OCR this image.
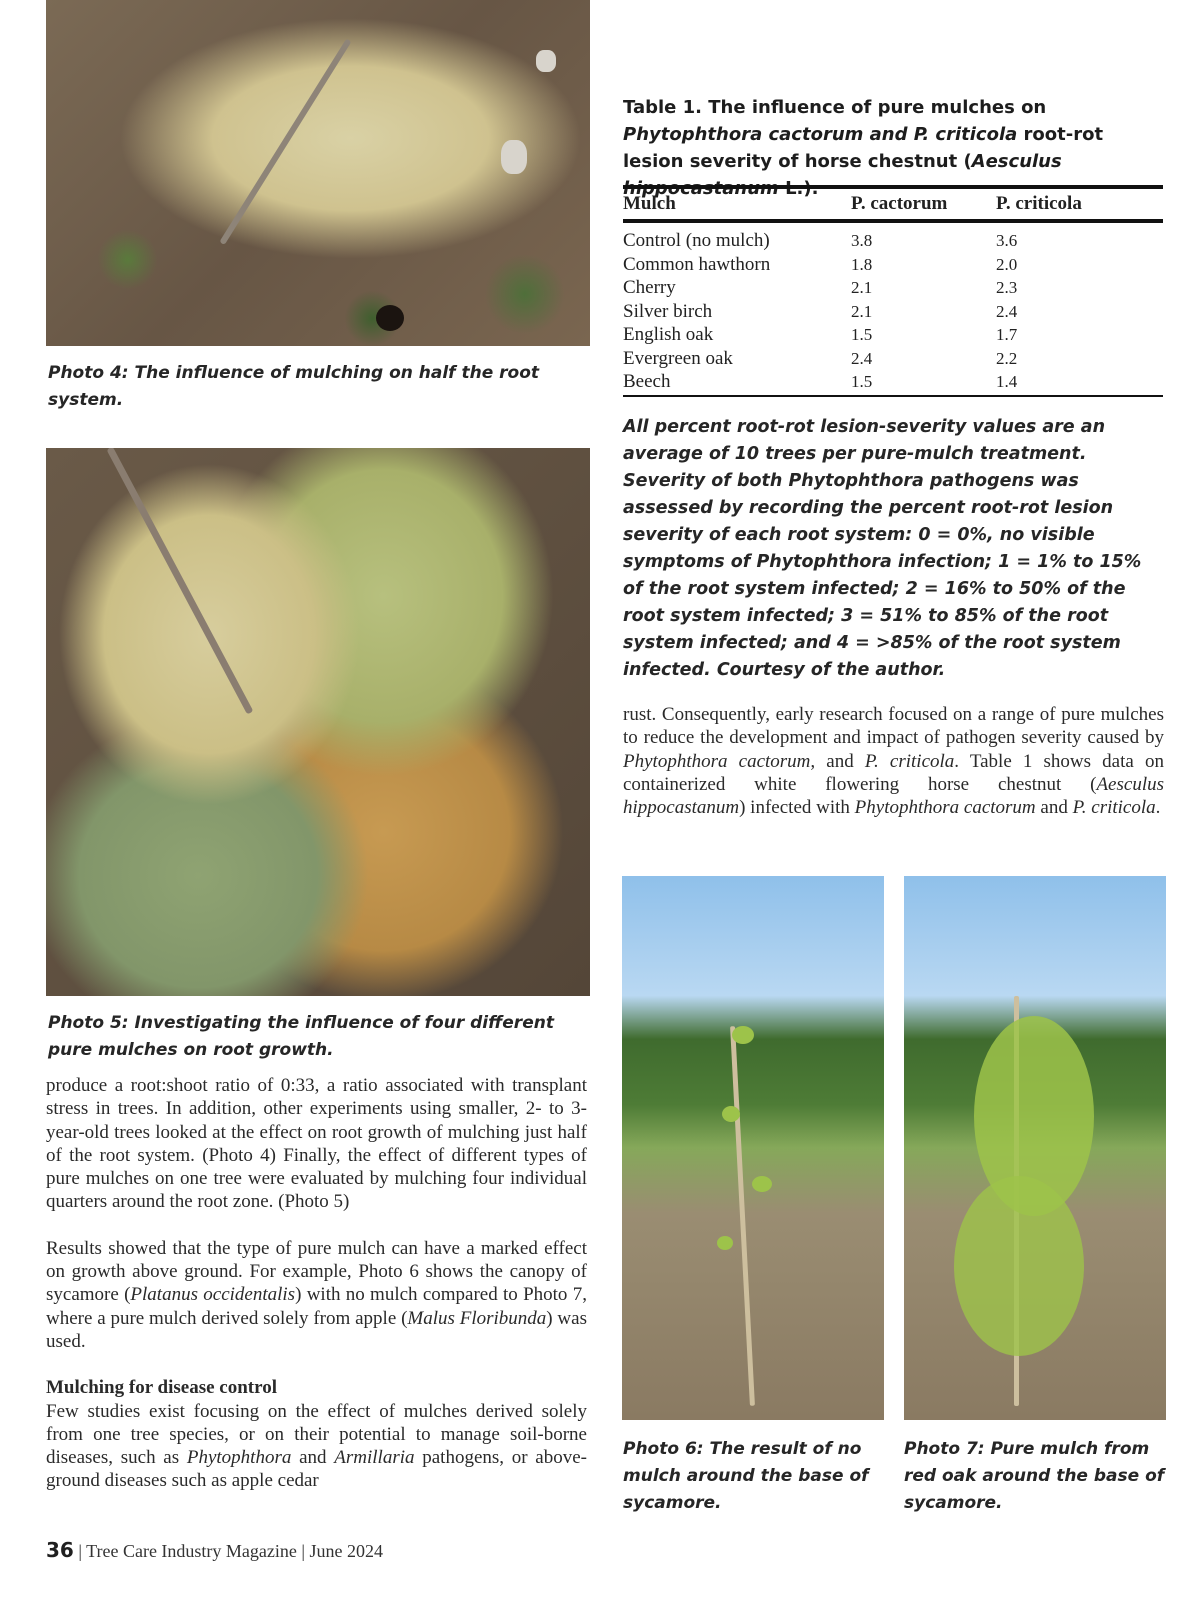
Photo 4: The influence of mulching on half the root system.
Photo 5: Investigating the influence of four different pure mulches on root growth.
Table 1. The influence of pure mulches on Phytophthora cactorum and P. criticola root-rot lesion severity of horse chestnut (Aesculus hippocastanum L.).
Mulch	P. cactorum	P. criticola
Control (no mulch)	3.8	3.6
Common hawthorn	1.8	2.0
Cherry	2.1	2.3
Silver birch	2.1	2.4
English oak	1.5	1.7
Evergreen oak	2.4	2.2
Beech	1.5	1.4
All percent root-rot lesion-severity values are an average of 10 trees per pure-mulch treatment. Severity of both Phytophthora pathogens was assessed by recording the percent root-rot lesion severity of each root system: 0 = 0%, no visible symptoms of Phytophthora infection; 1 = 1% to 15% of the root system infected; 2 = 16% to 50% of the root system infected; 3 = 51% to 85% of the root system infected; and 4 = >85% of the root system infected. Courtesy of the author.

rust. Consequently, early research focused on a range of pure mulches to reduce the development and impact of pathogen severity caused by Phytophthora cactorum, and P. criticola. Table 1 shows data on containerized white flowering horse chestnut (Aesculus hippocastanum) infected with Phytophthora cactorum and P. criticola.

Photo 6: The result of no mulch around the base of sycamore.
Photo 7: Pure mulch from red oak around the base of sycamore.

produce a root:shoot ratio of 0:33, a ratio associated with transplant stress in trees. In addition, other experiments using smaller, 2- to 3-year-old trees looked at the effect on root growth of mulching just half of the root system. (Photo 4) Finally, the effect of different types of pure mulches on one tree were evaluated by mulching four individual quarters around the root zone. (Photo 5)

Results showed that the type of pure mulch can have a marked effect on growth above ground. For example, Photo 6 shows the canopy of sycamore (Platanus occidentalis) with no mulch compared to Photo 7, where a pure mulch derived solely from apple (Malus Floribunda) was used.

Mulching for disease control

Few studies exist focusing on the effect of mulches derived solely from one tree species, or on their potential to manage soil-borne diseases, such as Phytophthora and Armillaria pathogens, or above-ground diseases such as apple cedar

36 | Tree Care Industry Magazine | June 2024
